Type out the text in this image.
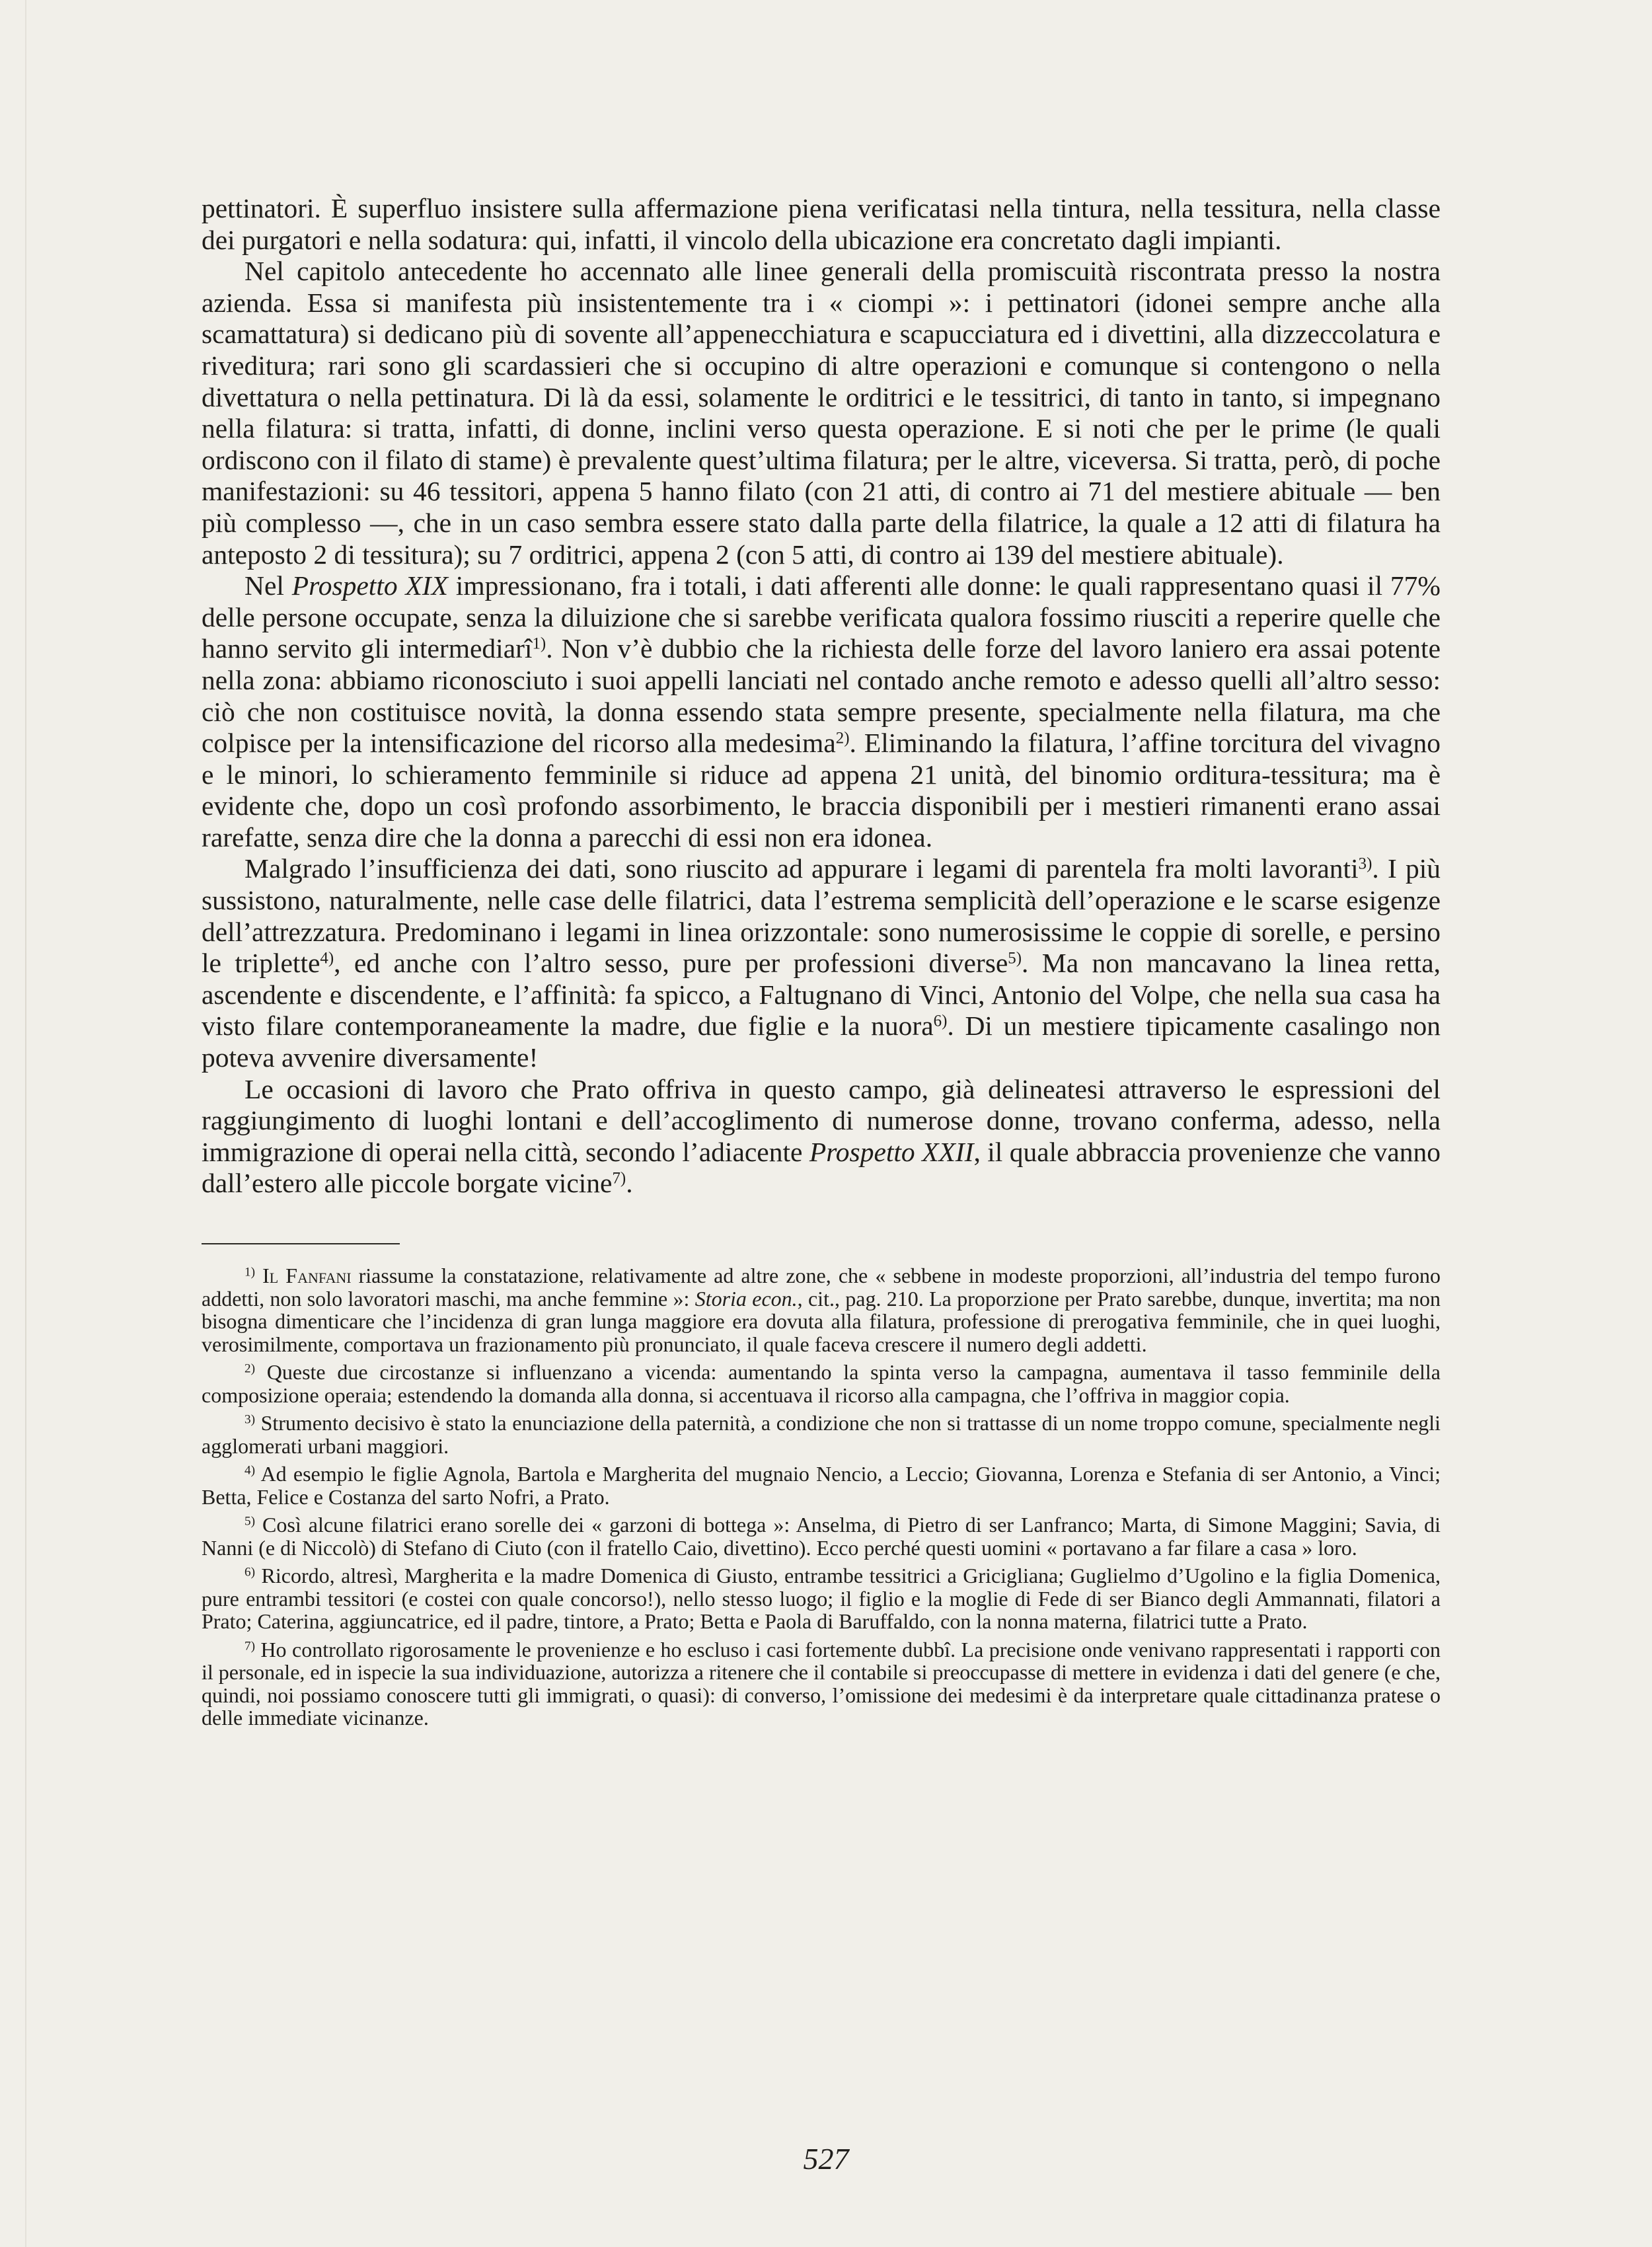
pettinatori. È superfluo insistere sulla affermazione piena verificatasi nella tintura, nella tessitura, nella classe dei purgatori e nella sodatura: qui, infatti, il vincolo della ubicazione era concretato dagli impianti.

Nel capitolo antecedente ho accennato alle linee generali della promiscuità riscontrata presso la nostra azienda. Essa si manifesta più insistentemente tra i « ciompi »: i pettinatori (idonei sempre anche alla scamattatura) si dedicano più di sovente all’appenecchiatura e scapucciatura ed i divettini, alla dizzeccolatura e riveditura; rari sono gli scardassieri che si occupino di altre operazioni e comunque si contengono o nella divettatura o nella pettinatura. Di là da essi, solamente le orditrici e le tessitrici, di tanto in tanto, si impegnano nella filatura: si tratta, infatti, di donne, inclini verso questa operazione. E si noti che per le prime (le quali ordiscono con il filato di stame) è prevalente quest’ultima filatura; per le altre, viceversa. Si tratta, però, di poche manifestazioni: su 46 tessitori, appena 5 hanno filato (con 21 atti, di contro ai 71 del mestiere abituale — ben più complesso —, che in un caso sembra essere stato dalla parte della filatrice, la quale a 12 atti di filatura ha anteposto 2 di tessitura); su 7 orditrici, appena 2 (con 5 atti, di contro ai 139 del mestiere abituale).

Nel Prospetto XIX impressionano, fra i totali, i dati afferenti alle donne: le quali rappresentano quasi il 77% delle persone occupate, senza la diluizione che si sarebbe verificata qualora fossimo riusciti a reperire quelle che hanno servito gli intermediarî$^{1)}$. Non v’è dubbio che la richiesta delle forze del lavoro laniero era assai potente nella zona: abbiamo riconosciuto i suoi appelli lanciati nel contado anche remoto e adesso quelli all’altro sesso: ciò che non costituisce novità, la donna essendo stata sempre presente, specialmente nella filatura, ma che colpisce per la intensificazione del ricorso alla medesima$^{2)}$. Eliminando la filatura, l’affine torcitura del vivagno e le minori, lo schieramento femminile si riduce ad appena 21 unità, del binomio orditura-tessitura; ma è evidente che, dopo un così profondo assorbimento, le braccia disponibili per i mestieri rimanenti erano assai rarefatte, senza dire che la donna a parecchi di essi non era idonea.

Malgrado l’insufficienza dei dati, sono riuscito ad appurare i legami di parentela fra molti lavoranti$^{3)}$. I più sussistono, naturalmente, nelle case delle filatrici, data l’estrema semplicità dell’operazione e le scarse esigenze dell’attrezzatura. Predominano i legami in linea orizzontale: sono numerosissime le coppie di sorelle, e persino le triplette$^{4)}$, ed anche con l’altro sesso, pure per professioni diverse$^{5)}$. Ma non mancavano la linea retta, ascendente e discendente, e l’affinità: fa spicco, a Faltugnano di Vinci, Antonio del Volpe, che nella sua casa ha visto filare contemporaneamente la madre, due figlie e la nuora$^{6)}$. Di un mestiere tipicamente casalingo non poteva avvenire diversamente!

Le occasioni di lavoro che Prato offriva in questo campo, già delineatesi attraverso le espressioni del raggiungimento di luoghi lontani e dell’accoglimento di numerose donne, trovano conferma, adesso, nella immigrazione di operai nella città, secondo l’adiacente Prospetto XXII, il quale abbraccia provenienze che vanno dall’estero alle piccole borgate vicine$^{7)}$.

$^{1)}$ Il Fanfani riassume la constatazione, relativamente ad altre zone, che « sebbene in modeste proporzioni, all’industria del tempo furono addetti, non solo lavoratori maschi, ma anche femmine »: Storia econ., cit., pag. 210. La proporzione per Prato sarebbe, dunque, invertita; ma non bisogna dimenticare che l’incidenza di gran lunga maggiore era dovuta alla filatura, professione di prerogativa femminile, che in quei luoghi, verosimilmente, comportava un frazionamento più pronunciato, il quale faceva crescere il numero degli addetti.

$^{2)}$ Queste due circostanze si influenzano a vicenda: aumentando la spinta verso la campagna, aumentava il tasso femminile della composizione operaia; estendendo la domanda alla donna, si accentuava il ricorso alla campagna, che l’offriva in maggior copia.

$^{3)}$ Strumento decisivo è stato la enunciazione della paternità, a condizione che non si trattasse di un nome troppo comune, specialmente negli agglomerati urbani maggiori.

$^{4)}$ Ad esempio le figlie Agnola, Bartola e Margherita del mugnaio Nencio, a Leccio; Giovanna, Lorenza e Stefania di ser Antonio, a Vinci; Betta, Felice e Costanza del sarto Nofri, a Prato.

$^{5)}$ Così alcune filatrici erano sorelle dei « garzoni di bottega »: Anselma, di Pietro di ser Lanfranco; Marta, di Simone Maggini; Savia, di Nanni (e di Niccolò) di Stefano di Ciuto (con il fratello Caio, divettino). Ecco perché questi uomini « portavano a far filare a casa » loro.

$^{6)}$ Ricordo, altresì, Margherita e la madre Domenica di Giusto, entrambe tessitrici a Gricigliana; Guglielmo d’Ugolino e la figlia Domenica, pure entrambi tessitori (e costei con quale concorso!), nello stesso luogo; il figlio e la moglie di Fede di ser Bianco degli Ammannati, filatori a Prato; Caterina, aggiuncatrice, ed il padre, tintore, a Prato; Betta e Paola di Baruffaldo, con la nonna materna, filatrici tutte a Prato.

$^{7)}$ Ho controllato rigorosamente le provenienze e ho escluso i casi fortemente dubbî. La precisione onde venivano rappresentati i rapporti con il personale, ed in ispecie la sua individuazione, autorizza a ritenere che il contabile si preoccupasse di mettere in evidenza i dati del genere (e che, quindi, noi possiamo conoscere tutti gli immigrati, o quasi): di converso, l’omissione dei medesimi è da interpretare quale cittadinanza pratese o delle immediate vicinanze.

527
